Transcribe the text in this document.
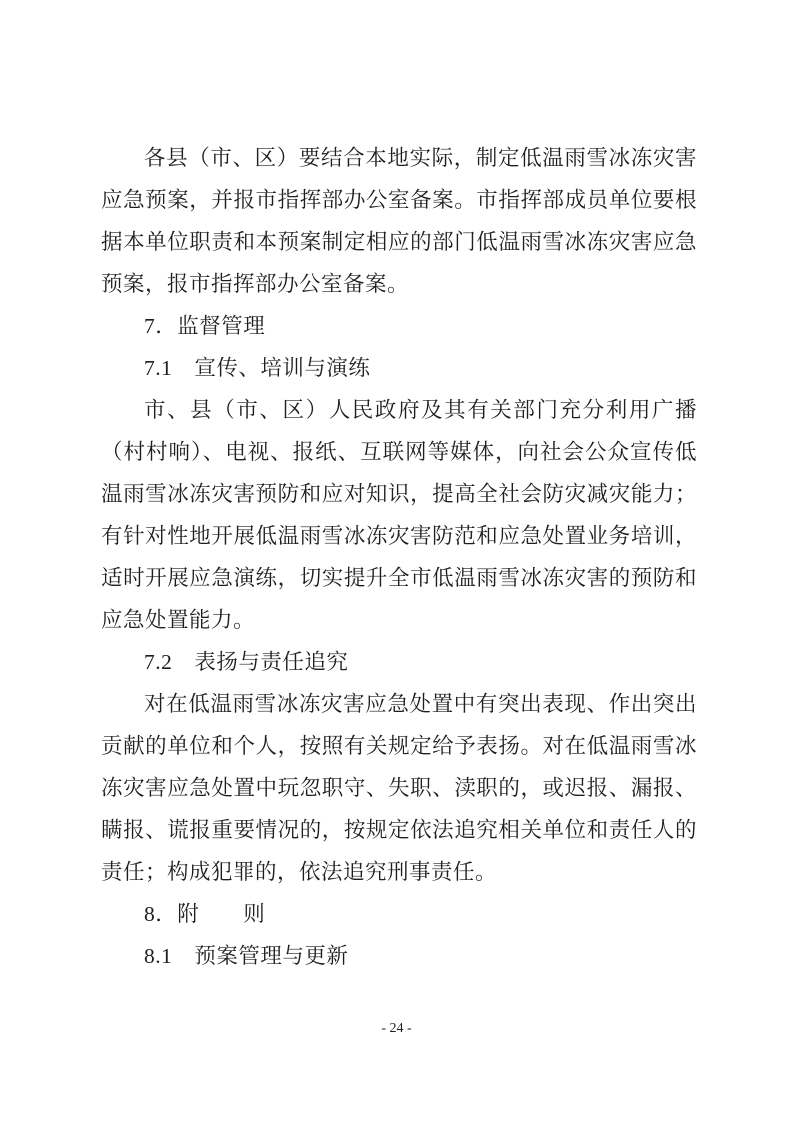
各县（市、区）要结合本地实际，制定低温雨雪冰冻灾害应急预案，并报市指挥部办公室备案。市指挥部成员单位要根据本单位职责和本预案制定相应的部门低温雨雪冰冻灾害应急预案，报市指挥部办公室备案。

7．监督管理

7.1　宣传、培训与演练

市、县（市、区）人民政府及其有关部门充分利用广播（村村响）、电视、报纸、互联网等媒体，向社会公众宣传低温雨雪冰冻灾害预防和应对知识，提高全社会防灾减灾能力；有针对性地开展低温雨雪冰冻灾害防范和应急处置业务培训，适时开展应急演练，切实提升全市低温雨雪冰冻灾害的预防和应急处置能力。

7.2　表扬与责任追究

对在低温雨雪冰冻灾害应急处置中有突出表现、作出突出贡献的单位和个人，按照有关规定给予表扬。对在低温雨雪冰冻灾害应急处置中玩忽职守、失职、渎职的，或迟报、漏报、瞒报、谎报重要情况的，按规定依法追究相关单位和责任人的责任；构成犯罪的，依法追究刑事责任。

8．附　　则

8.1　预案管理与更新

- 24 -
